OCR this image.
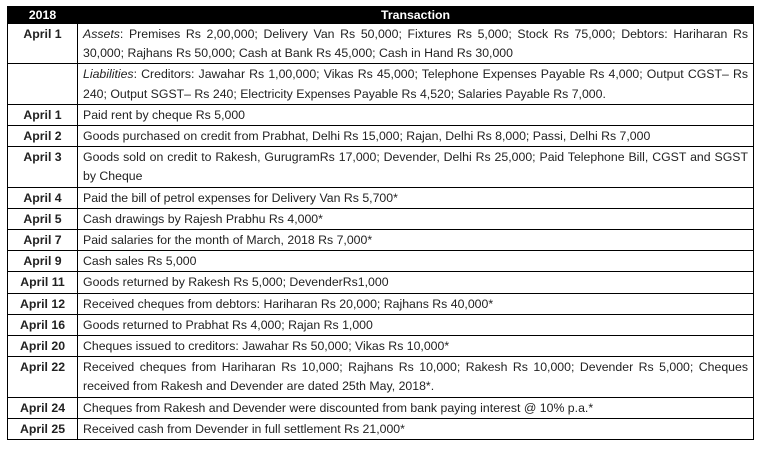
2018	Transaction
April 1	Assets: Premises Rs 2,00,000; Delivery Van Rs 50,000; Fixtures Rs 5,000; Stock Rs 75,000; Debtors: Hariharan Rs 30,000; Rajhans Rs 50,000; Cash at Bank Rs 45,000; Cash in Hand Rs 30,000
	Liabilities: Creditors: Jawahar Rs 1,00,000; Vikas Rs 45,000; Telephone Expenses Payable Rs 4,000; Output CGST– Rs 240; Output SGST– Rs 240; Electricity Expenses Payable Rs 4,520; Salaries Payable Rs 7,000.
April 1	Paid rent by cheque Rs 5,000
April 2	Goods purchased on credit from Prabhat, Delhi Rs 15,000; Rajan, Delhi Rs 8,000; Passi, Delhi Rs 7,000
April 3	Goods sold on credit to Rakesh, GurugramRs 17,000; Devender, Delhi Rs 25,000; Paid Telephone Bill, CGST and SGST by Cheque
April 4	Paid the bill of petrol expenses for Delivery Van Rs 5,700*
April 5	Cash drawings by Rajesh Prabhu Rs 4,000*
April 7	Paid salaries for the month of March, 2018 Rs 7,000*
April 9	Cash sales Rs 5,000
April 11	Goods returned by Rakesh Rs 5,000; DevenderRs1,000
April 12	Received cheques from debtors: Hariharan Rs 20,000; Rajhans Rs 40,000*
April 16	Goods returned to Prabhat Rs 4,000; Rajan Rs 1,000
April 20	Cheques issued to creditors: Jawahar Rs 50,000; Vikas Rs 10,000*
April 22	Received cheques from Hariharan Rs 10,000; Rajhans Rs 10,000; Rakesh Rs 10,000; Devender Rs 5,000; Cheques received from Rakesh and Devender are dated 25th May, 2018*.
April 24	Cheques from Rakesh and Devender were discounted from bank paying interest @ 10% p.a.*
April 25	Received cash from Devender in full settlement Rs 21,000*
